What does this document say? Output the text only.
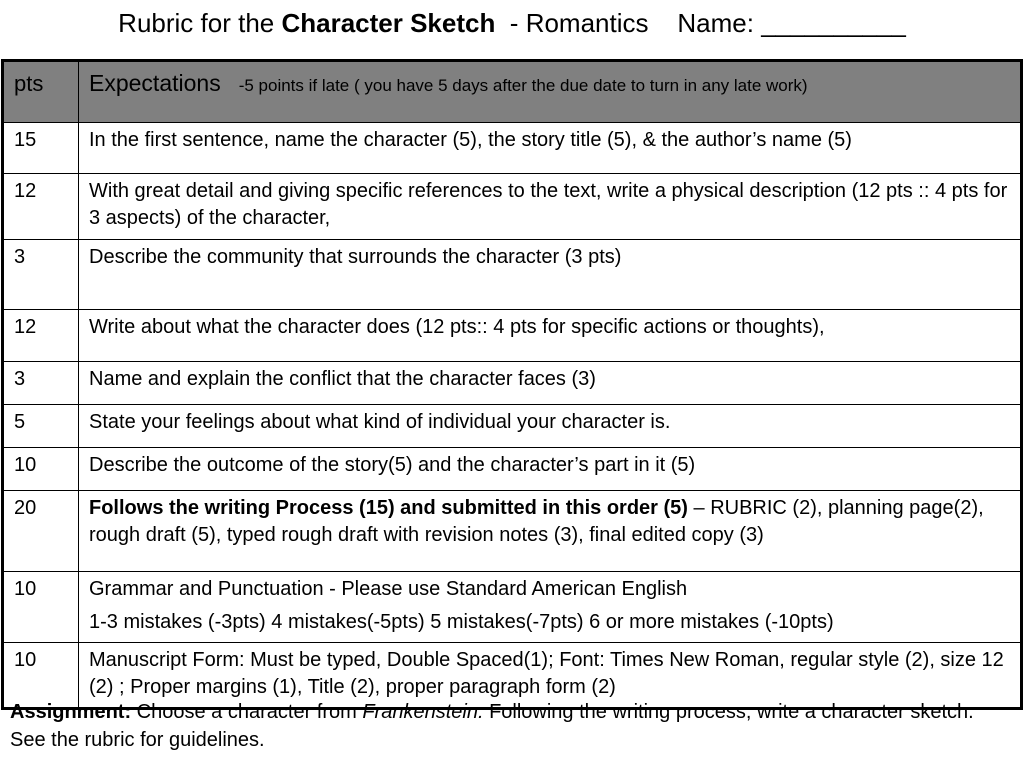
Rubric for the Character Sketch  - Romantics    Name: __________
pts	Expectations -5 points if late ( you have 5 days after the due date to turn in any late work)
15	In the first sentence, name the character (5), the story title (5), & the author’s name (5)
12	With great detail and giving specific references to the text, write a physical description (12 pts :: 4 pts for 3 aspects) of the character,
3	Describe the community that surrounds the character (3 pts)
12	Write about what the character does (12 pts:: 4 pts for specific actions or thoughts),
3	Name and explain the conflict that the character faces (3)
5	State your feelings about what kind of individual your character is.
10	Describe the outcome of the story(5) and the character’s part in it (5)
20	Follows the writing Process (15) and submitted in this order (5) – RUBRIC (2), planning page(2), rough draft (5), typed rough draft with revision notes (3), final edited copy (3)
10	Grammar and Punctuation - Please use Standard American English
1-3 mistakes (-3pts) 4 mistakes(-5pts) 5 mistakes(-7pts) 6 or more mistakes (-10pts)

10	Manuscript Form: Must be typed, Double Spaced(1); Font: Times New Roman, regular style (2), size 12 (2) ; Proper margins (1), Title (2), proper paragraph form (2)
Assignment: Choose a character from Frankenstein. Following the writing process, write a character sketch. See the rubric for guidelines.
